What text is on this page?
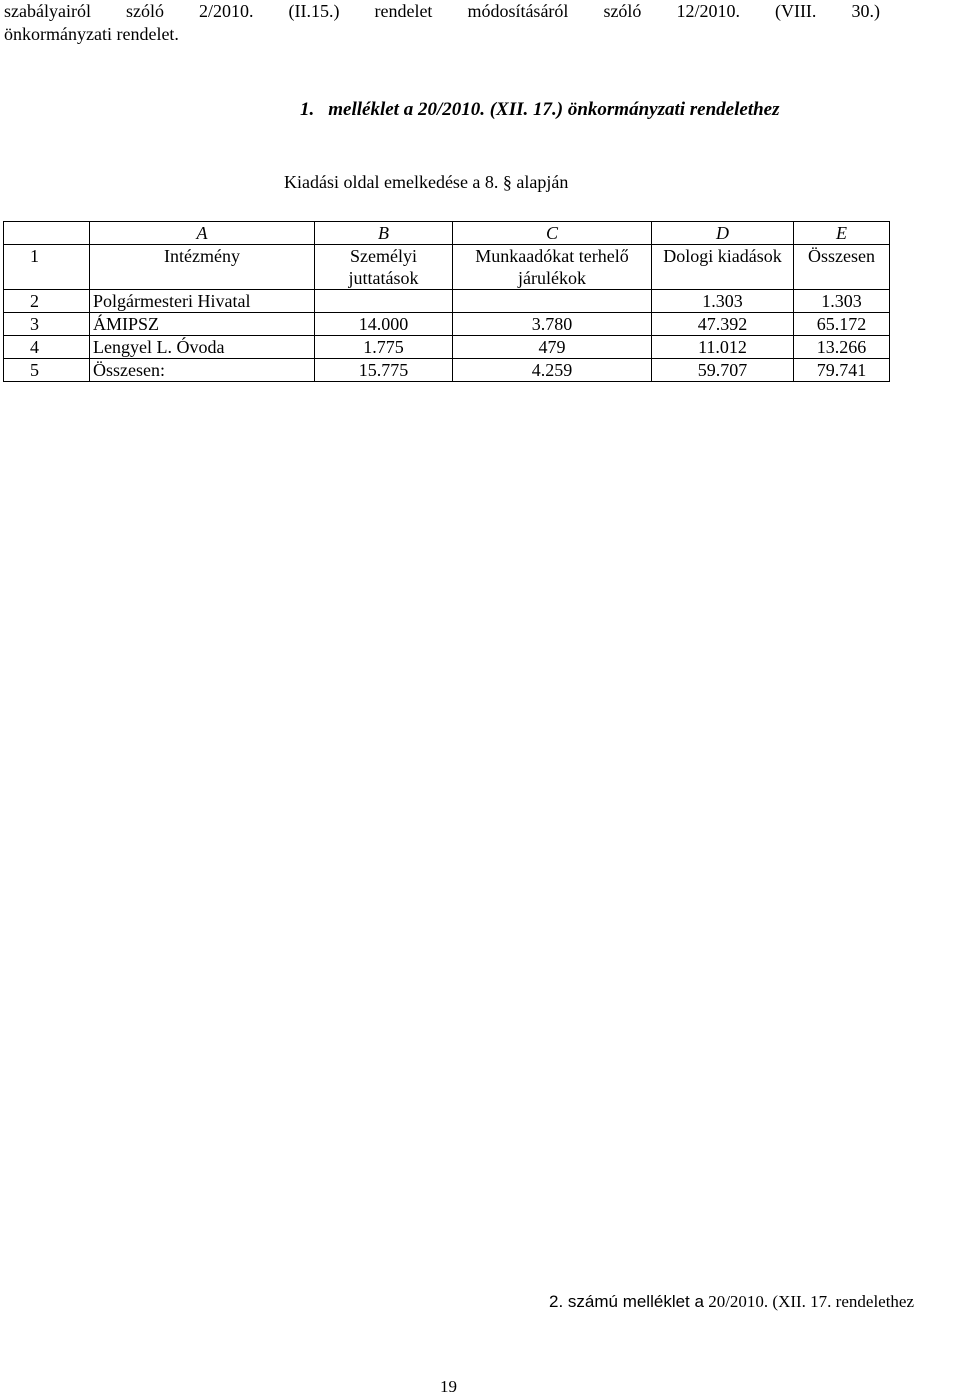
szabályairól szóló 2/2010. (II.15.) rendelet módosításáról szóló 12/2010. (VIII. 30.)
önkormányzati rendelet.
1. melléklet a 20/2010. (XII. 17.) önkormányzati rendelethez
Kiadási oldal emelkedése a 8. § alapján
	A	B	C	D	E
1	Intézmény	Személyi juttatások	Munkaadókat terhelő járulékok	Dologi kiadások	Összesen
2	Polgármesteri Hivatal			1.303	1.303
3	ÁMIPSZ	14.000	3.780	47.392	65.172
4	Lengyel L. Óvoda	1.775	479	11.012	13.266
5	Összesen:	15.775	4.259	59.707	79.741
2. számú melléklet a 20/2010. (XII. 17. rendelethez
19
